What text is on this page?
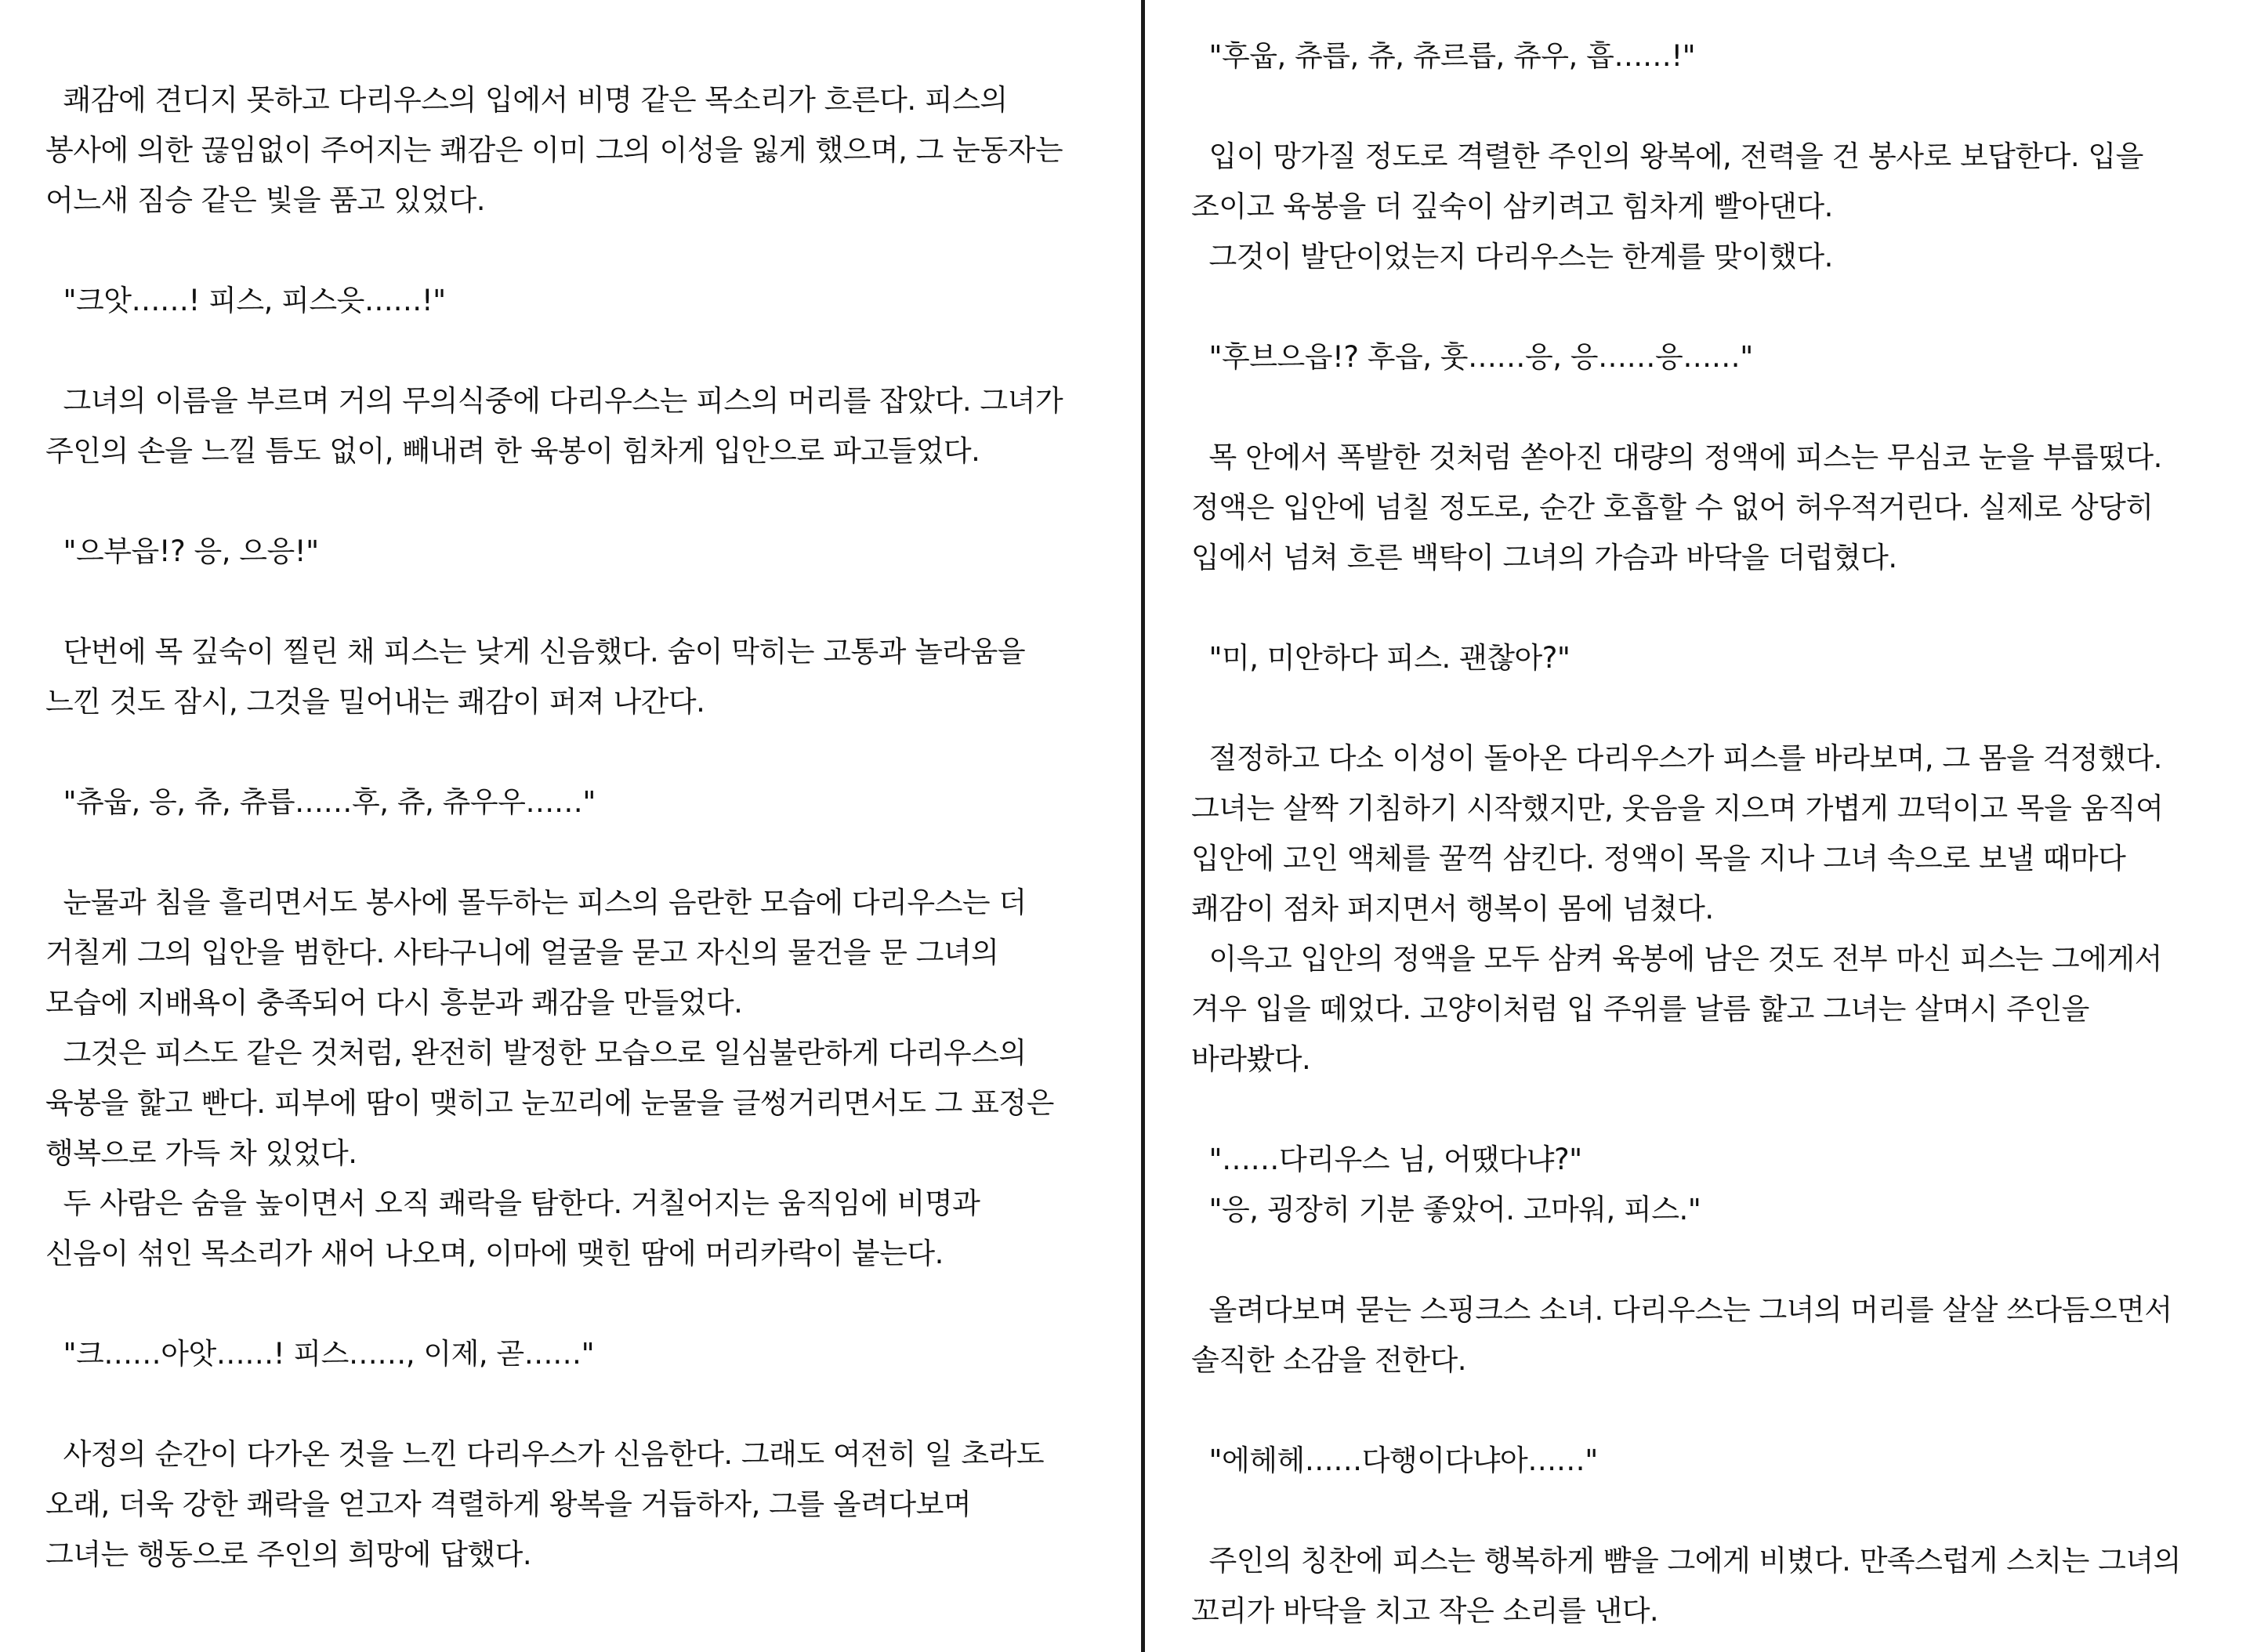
쾌감에 견디지 못하고 다리우스의 입에서 비명 같은 목소리가 흐른다. 피스의
봉사에 의한 끊임없이 주어지는 쾌감은 이미 그의 이성을 잃게 했으며, 그 눈동자는
어느새 짐승 같은 빛을 품고 있었다.
"크앗……! 피스, 피스읏……!"
그녀의 이름을 부르며 거의 무의식중에 다리우스는 피스의 머리를 잡았다. 그녀가
주인의 손을 느낄 틈도 없이, 빼내려 한 육봉이 힘차게 입안으로 파고들었다.
"으부읍!? 응, 으응!"
단번에 목 깊숙이 찔린 채 피스는 낮게 신음했다. 숨이 막히는 고통과 놀라움을
느낀 것도 잠시, 그것을 밀어내는 쾌감이 퍼져 나간다.
"츄웁, 응, 츄, 츄릅……후, 츄, 츄우우……"
눈물과 침을 흘리면서도 봉사에 몰두하는 피스의 음란한 모습에 다리우스는 더
거칠게 그의 입안을 범한다. 사타구니에 얼굴을 묻고 자신의 물건을 문 그녀의
모습에 지배욕이 충족되어 다시 흥분과 쾌감을 만들었다.
그것은 피스도 같은 것처럼, 완전히 발정한 모습으로 일심불란하게 다리우스의
육봉을 핥고 빤다. 피부에 땀이 맺히고 눈꼬리에 눈물을 글썽거리면서도 그 표정은
행복으로 가득 차 있었다.
두 사람은 숨을 높이면서 오직 쾌락을 탐한다. 거칠어지는 움직임에 비명과
신음이 섞인 목소리가 새어 나오며, 이마에 맺힌 땀에 머리카락이 붙는다.
"크……아앗……! 피스……, 이제, 곧……"
사정의 순간이 다가온 것을 느낀 다리우스가 신음한다. 그래도 여전히 일 초라도
오래, 더욱 강한 쾌락을 얻고자 격렬하게 왕복을 거듭하자, 그를 올려다보며
그녀는 행동으로 주인의 희망에 답했다.
"후웁, 츄릅, 츄, 츄르릅, 츄우, 흡……!"
입이 망가질 정도로 격렬한 주인의 왕복에, 전력을 건 봉사로 보답한다. 입을
조이고 육봉을 더 깊숙이 삼키려고 힘차게 빨아댄다.
그것이 발단이었는지 다리우스는 한계를 맞이했다.
"후브으읍!? 후읍, 훗……응, 응……응……"
목 안에서 폭발한 것처럼 쏟아진 대량의 정액에 피스는 무심코 눈을 부릅떴다.
정액은 입안에 넘칠 정도로, 순간 호흡할 수 없어 허우적거린다. 실제로 상당히
입에서 넘쳐 흐른 백탁이 그녀의 가슴과 바닥을 더럽혔다.
"미, 미안하다 피스. 괜찮아?"
절정하고 다소 이성이 돌아온 다리우스가 피스를 바라보며, 그 몸을 걱정했다.
그녀는 살짝 기침하기 시작했지만, 웃음을 지으며 가볍게 끄덕이고 목을 움직여
입안에 고인 액체를 꿀꺽 삼킨다. 정액이 목을 지나 그녀 속으로 보낼 때마다
쾌감이 점차 퍼지면서 행복이 몸에 넘쳤다.
이윽고 입안의 정액을 모두 삼켜 육봉에 남은 것도 전부 마신 피스는 그에게서
겨우 입을 떼었다. 고양이처럼 입 주위를 날름 핥고 그녀는 살며시 주인을
바라봤다.
"……다리우스 님, 어땠다냐?"
"응, 굉장히 기분 좋았어. 고마워, 피스."
올려다보며 묻는 스핑크스 소녀. 다리우스는 그녀의 머리를 살살 쓰다듬으면서
솔직한 소감을 전한다.
"에헤헤……다행이다냐아……"
주인의 칭찬에 피스는 행복하게 뺨을 그에게 비볐다. 만족스럽게 스치는 그녀의
꼬리가 바닥을 치고 작은 소리를 낸다.
